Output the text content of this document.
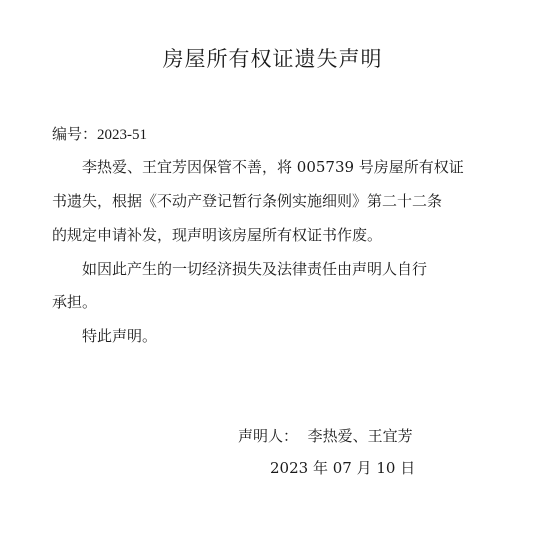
房屋所有权证遗失声明
编号：2023-51
李热爱、王宜芳因保管不善，将 005739 号房屋所有权证
书遗失，根据《不动产登记暂行条例实施细则》第二十二条
的规定申请补发，现声明该房屋所有权证书作废。
如因此产生的一切经济损失及法律责任由声明人自行
承担。
特此声明。
声明人： 李热爱、王宜芳
2023 年 07 月 10 日
